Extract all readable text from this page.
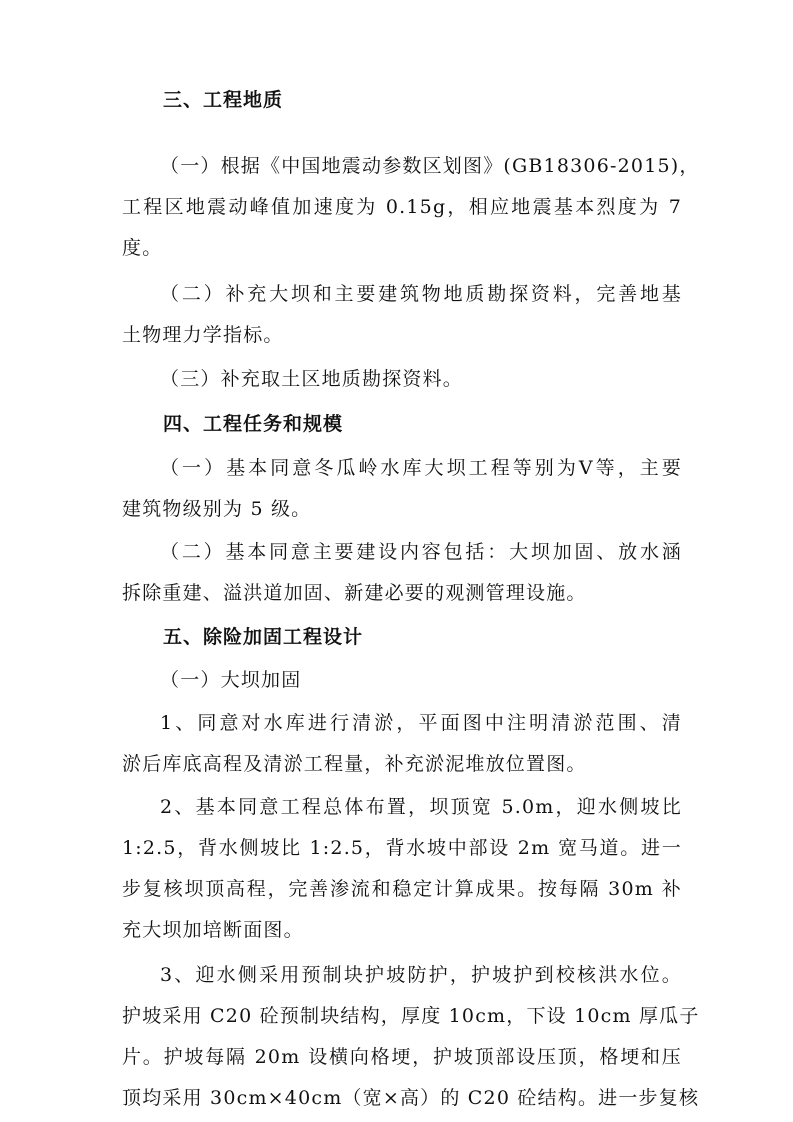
三、工程地质
（一）根据《中国地震动参数区划图》(GB18306-2015)，
工程区地震动峰值加速度为 0.15g，相应地震基本烈度为 7
度。
（二）补充大坝和主要建筑物地质勘探资料，完善地基
土物理力学指标。
（三）补充取土区地质勘探资料。
四、工程任务和规模
（一）基本同意冬瓜岭水库大坝工程等别为Ⅴ等，主要
建筑物级别为 5 级。
（二）基本同意主要建设内容包括：大坝加固、放水涵
拆除重建、溢洪道加固、新建必要的观测管理设施。
五、除险加固工程设计
（一）大坝加固
1、同意对水库进行清淤，平面图中注明清淤范围、清
淤后库底高程及清淤工程量，补充淤泥堆放位置图。
2、基本同意工程总体布置，坝顶宽 5.0m，迎水侧坡比
1:2.5，背水侧坡比 1:2.5，背水坡中部设 2m 宽马道。进一
步复核坝顶高程，完善渗流和稳定计算成果。按每隔 30m 补
充大坝加培断面图。
3、迎水侧采用预制块护坡防护，护坡护到校核洪水位。
护坡采用 C20 砼预制块结构，厚度 10cm，下设 10cm 厚瓜子
片。护坡每隔 20m 设横向格埂，护坡顶部设压顶，格埂和压
顶均采用 30cm×40cm（宽×高）的 C20 砼结构。进一步复核
